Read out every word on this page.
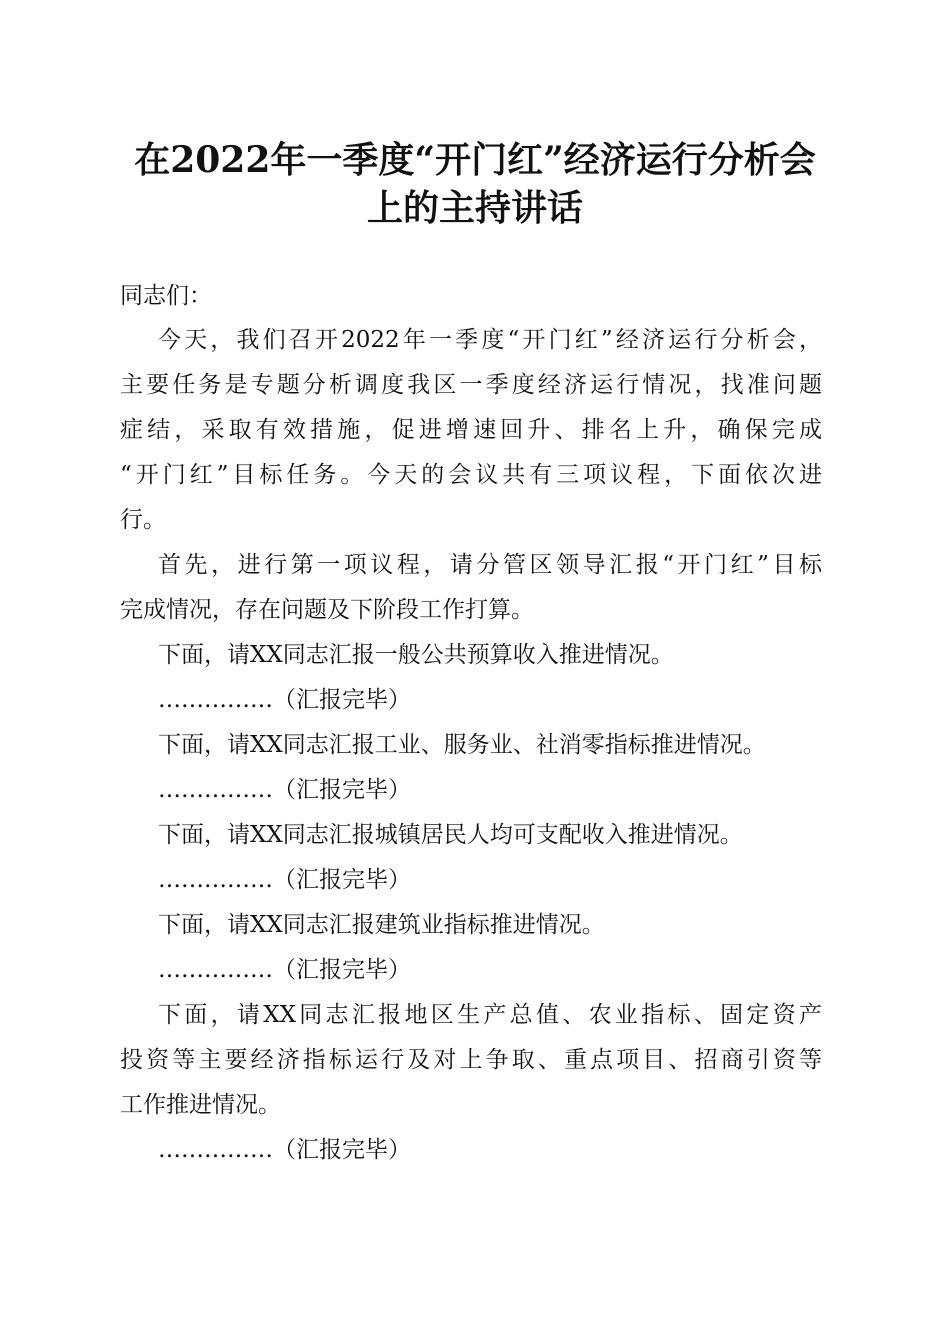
在2022年一季度“开门红”经济运行分析会
上的主持讲话
同志们：
今天，我们召开2022年一季度“开门红”经济运行分析会，
主要任务是专题分析调度我区一季度经济运行情况，找准问题
症结，采取有效措施，促进增速回升、排名上升，确保完成
“开门红”目标任务。今天的会议共有三项议程，下面依次进
行。
首先，进行第一项议程，请分管区领导汇报“开门红”目标
完成情况，存在问题及下阶段工作打算。
下面，请XX同志汇报一般公共预算收入推进情况。
……………（汇报完毕）
下面，请XX同志汇报工业、服务业、社消零指标推进情况。
……………（汇报完毕）
下面，请XX同志汇报城镇居民人均可支配收入推进情况。
……………（汇报完毕）
下面，请XX同志汇报建筑业指标推进情况。
……………（汇报完毕）
下面，请XX同志汇报地区生产总值、农业指标、固定资产
投资等主要经济指标运行及对上争取、重点项目、招商引资等
工作推进情况。
……………（汇报完毕）
